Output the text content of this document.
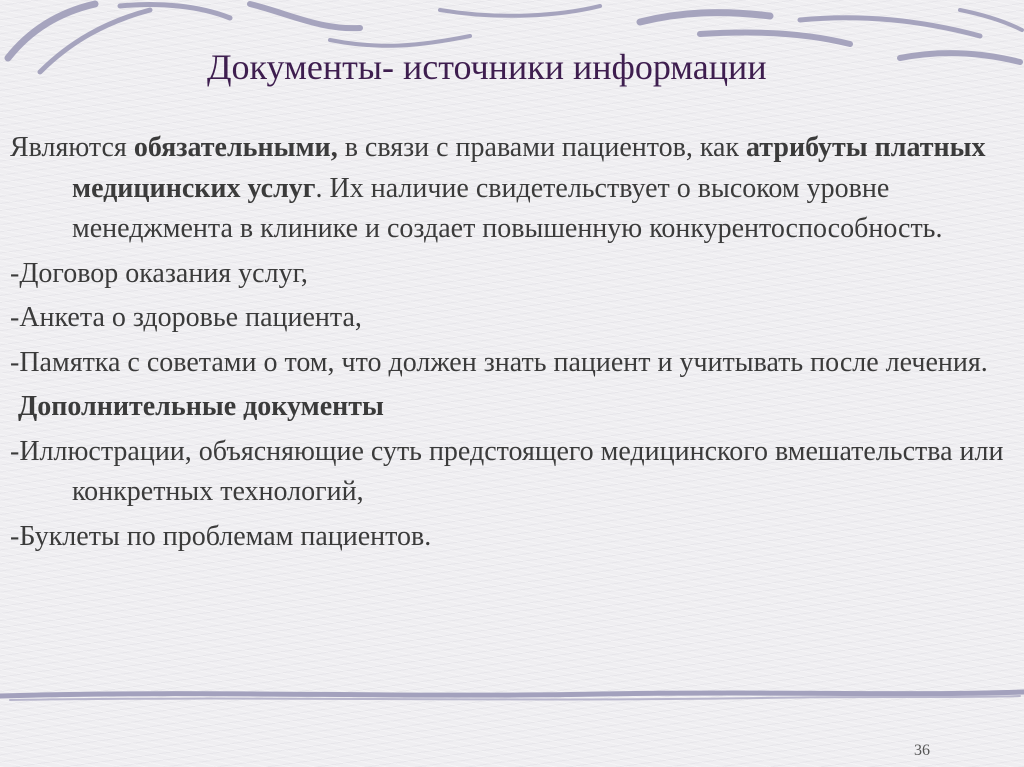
Документы- источники информации

Являются обязательными, в связи с правами пациентов, как атрибуты платных медицинских услуг. Их наличие свидетельствует о высоком уровне менеджмента в клинике и создает повышенную конкурентоспособность.

-Договор оказания услуг,

-Анкета о здоровье пациента,

-Памятка с советами о том, что должен знать пациент и учитывать после лечения.

Дополнительные документы

-Иллюстрации, объясняющие суть предстоящего медицинского вмешательства или конкретных технологий,

-Буклеты по проблемам пациентов.

36
